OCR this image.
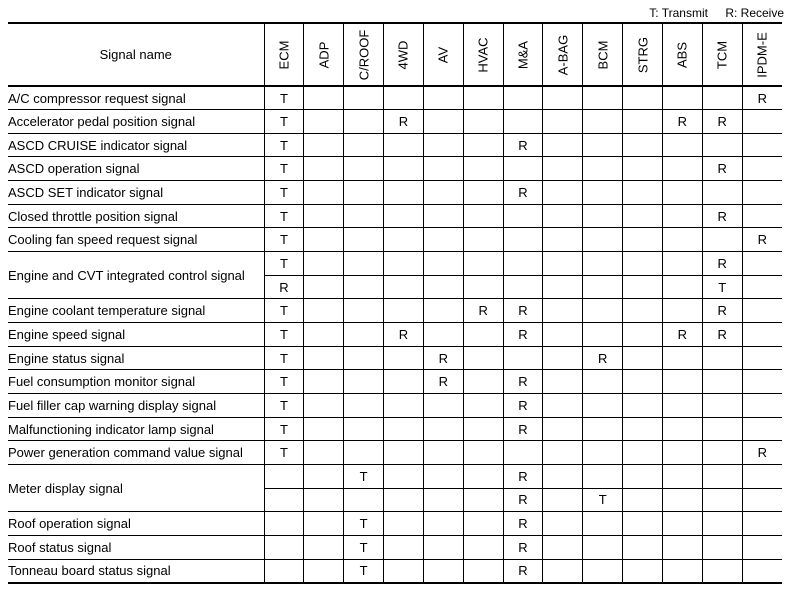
T: Transmit R: Receive
Signal name	ECM	ADP	C/ROOF	4WD	AV	HVAC	M&A	A-BAG	BCM	STRG	ABS	TCM	IPDM-E

A/C compressor request signal	T												R
Accelerator pedal position signal	T			R							R	R	
ASCD CRUISE indicator signal	T						R						
ASCD operation signal	T											R	
ASCD SET indicator signal	T						R						
Closed throttle position signal	T											R	
Cooling fan speed request signal	T												R
Engine and CVT integrated control signal	T											R	
	R											T	
Engine coolant temperature signal	T					R	R					R	
Engine speed signal	T			R			R				R	R	
Engine status signal	T				R				R				
Fuel consumption monitor signal	T				R		R						
Fuel filler cap warning display signal	T						R						
Malfunctioning indicator lamp signal	T						R						
Power generation command value signal	T												R
Meter display signal			T				R						
							R		T				
Roof operation signal			T				R						
Roof status signal			T				R						
Tonneau board status signal			T				R						
